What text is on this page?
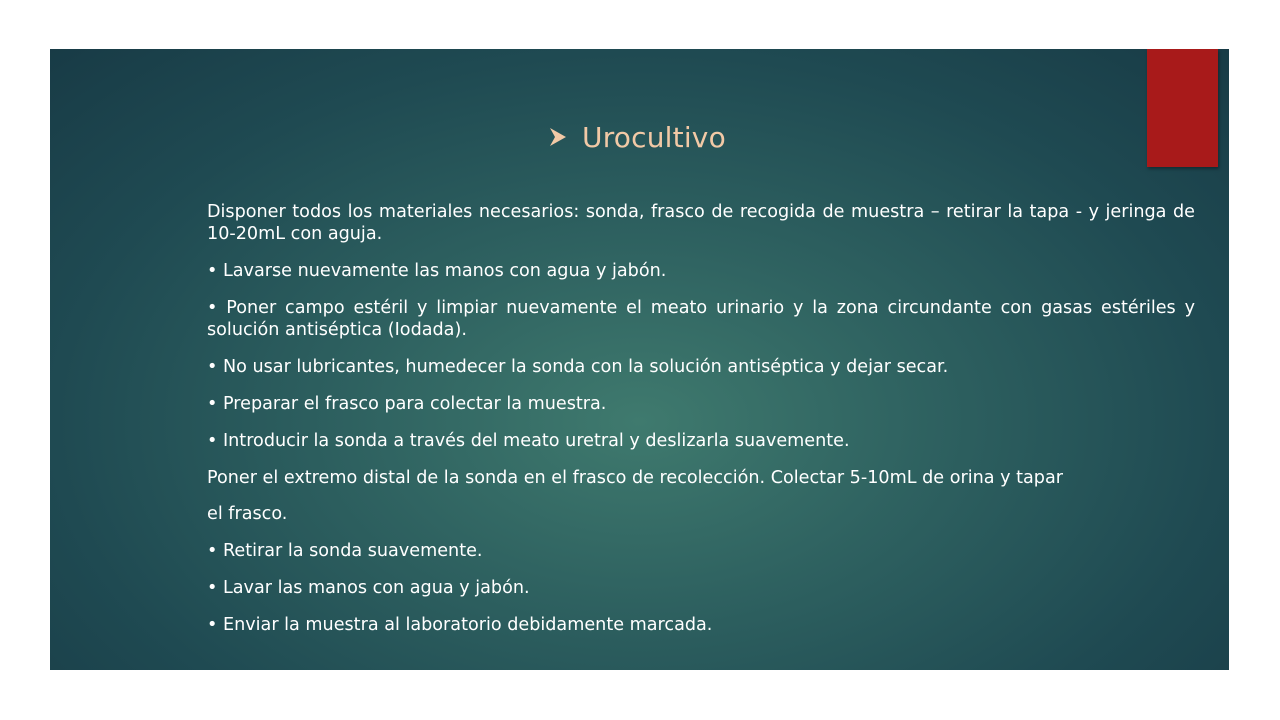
Urocultivo

Disponer todos los materiales necesarios: sonda, frasco de recogida de muestra – retirar la tapa - y jeringa de 10-20mL con aguja.

• Lavarse nuevamente las manos con agua y jabón.

• Poner campo estéril y limpiar nuevamente el meato urinario y la zona circundante con gasas estériles y solución antiséptica (Iodada).

• No usar lubricantes, humedecer la sonda con la solución antiséptica y dejar secar.

• Preparar el frasco para colectar la muestra.

• Introducir la sonda a través del meato uretral y deslizarla suavemente.

Poner el extremo distal de la sonda en el frasco de recolección. Colectar 5-10mL de orina y tapar

el frasco.

• Retirar la sonda suavemente.

• Lavar las manos con agua y jabón.

• Enviar la muestra al laboratorio debidamente marcada.
